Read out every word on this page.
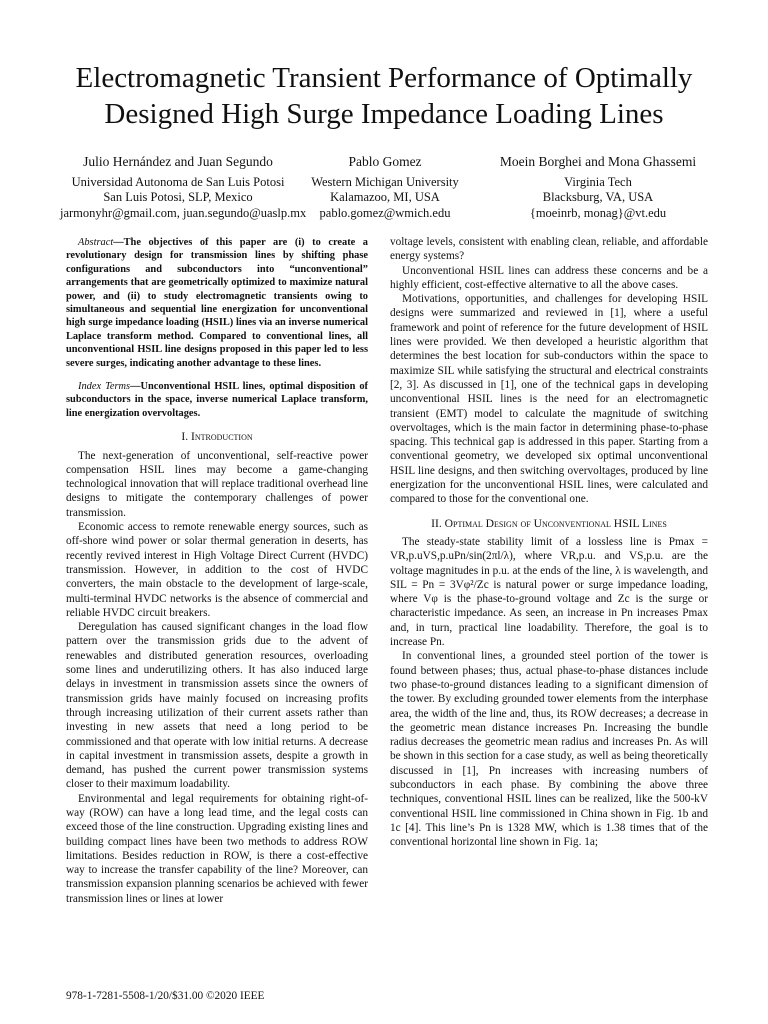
Electromagnetic Transient Performance of Optimally
Designed High Surge Impedance Loading Lines
Julio Hernández and Juan Segundo
Universidad Autonoma de San Luis Potosi
San Luis Potosi, SLP, Mexico
jarmonyhr@gmail.com, juan.segundo@uaslp.mx
Pablo Gomez
Western Michigan University
Kalamazoo, MI, USA
pablo.gomez@wmich.edu
Moein Borghei and Mona Ghassemi
Virginia Tech
Blacksburg, VA, USA
{moeinrb, monag}@vt.edu

Abstract—The objectives of this paper are (i) to create a revolutionary design for transmission lines by shifting phase configurations and subconductors into “unconventional” arrangements that are geometrically optimized to maximize natural power, and (ii) to study electromagnetic transients owing to simultaneous and sequential line energization for unconventional high surge impedance loading (HSIL) lines via an inverse numerical Laplace transform method. Compared to conventional lines, all unconventional HSIL line designs proposed in this paper led to less severe surges, indicating another advantage to these lines.

Index Terms—Unconventional HSIL lines, optimal disposition of subconductors in the space, inverse numerical Laplace transform, line energization overvoltages.

I. Introduction

The next-generation of unconventional, self-reactive power compensation HSIL lines may become a game-changing technological innovation that will replace traditional overhead line designs to mitigate the contemporary challenges of power transmission.

Economic access to remote renewable energy sources, such as off-shore wind power or solar thermal generation in deserts, has recently revived interest in High Voltage Direct Current (HVDC) transmission. However, in addition to the cost of HVDC converters, the main obstacle to the development of large-scale, multi-terminal HVDC networks is the absence of commercial and reliable HVDC circuit breakers.

Deregulation has caused significant changes in the load flow pattern over the transmission grids due to the advent of renewables and distributed generation resources, overloading some lines and underutilizing others. It has also induced large delays in investment in transmission assets since the owners of transmission grids have mainly focused on increasing profits through increasing utilization of their current assets rather than investing in new assets that need a long period to be commissioned and that operate with low initial returns. A decrease in capital investment in transmission assets, despite a growth in demand, has pushed the current power transmission systems closer to their maximum loadability.

Environmental and legal requirements for obtaining right-of-way (ROW) can have a long lead time, and the legal costs can exceed those of the line construction. Upgrading existing lines and building compact lines have been two methods to address ROW limitations. Besides reduction in ROW, is there a cost-effective way to increase the transfer capability of the line? Moreover, can transmission expansion planning scenarios be achieved with fewer transmission lines or lines at lower

voltage levels, consistent with enabling clean, reliable, and affordable energy systems?

Unconventional HSIL lines can address these concerns and be a highly efficient, cost-effective alternative to all the above cases.

Motivations, opportunities, and challenges for developing HSIL designs were summarized and reviewed in [1], where a useful framework and point of reference for the future development of HSIL lines were provided. We then developed a heuristic algorithm that determines the best location for sub-conductors within the space to maximize SIL while satisfying the structural and electrical constraints [2, 3]. As discussed in [1], one of the technical gaps in developing unconventional HSIL lines is the need for an electromagnetic transient (EMT) model to calculate the magnitude of switching overvoltages, which is the main factor in determining phase-to-phase spacing. This technical gap is addressed in this paper. Starting from a conventional geometry, we developed six optimal unconventional HSIL line designs, and then switching overvoltages, produced by line energization for the unconventional HSIL lines, were calculated and compared to those for the conventional one.

II. Optimal Design of Unconventional HSIL Lines

The steady-state stability limit of a lossless line is Pmax = VR,p.uVS,p.uPn/sin(2πl/λ), where VR,p.u. and VS,p.u. are the voltage magnitudes in p.u. at the ends of the line, λ is wavelength, and SIL = Pn = 3Vφ²/Zc is natural power or surge impedance loading, where Vφ is the phase-to-ground voltage and Zc is the surge or characteristic impedance. As seen, an increase in Pn increases Pmax and, in turn, practical line loadability. Therefore, the goal is to increase Pn.

In conventional lines, a grounded steel portion of the tower is found between phases; thus, actual phase-to-phase distances include two phase-to-ground distances leading to a significant dimension of the tower. By excluding grounded tower elements from the interphase area, the width of the line and, thus, its ROW decreases; a decrease in the geometric mean distance increases Pn. Increasing the bundle radius decreases the geometric mean radius and increases Pn. As will be shown in this section for a case study, as well as being theoretically discussed in [1], Pn increases with increasing numbers of subconductors in each phase. By combining the above three techniques, conventional HSIL lines can be realized, like the 500-kV conventional HSIL line commissioned in China shown in Fig. 1b and 1c [4]. This line’s Pn is 1328 MW, which is 1.38 times that of the conventional horizontal line shown in Fig. 1a;

978-1-7281-5508-1/20/$31.00 ©2020 IEEE
